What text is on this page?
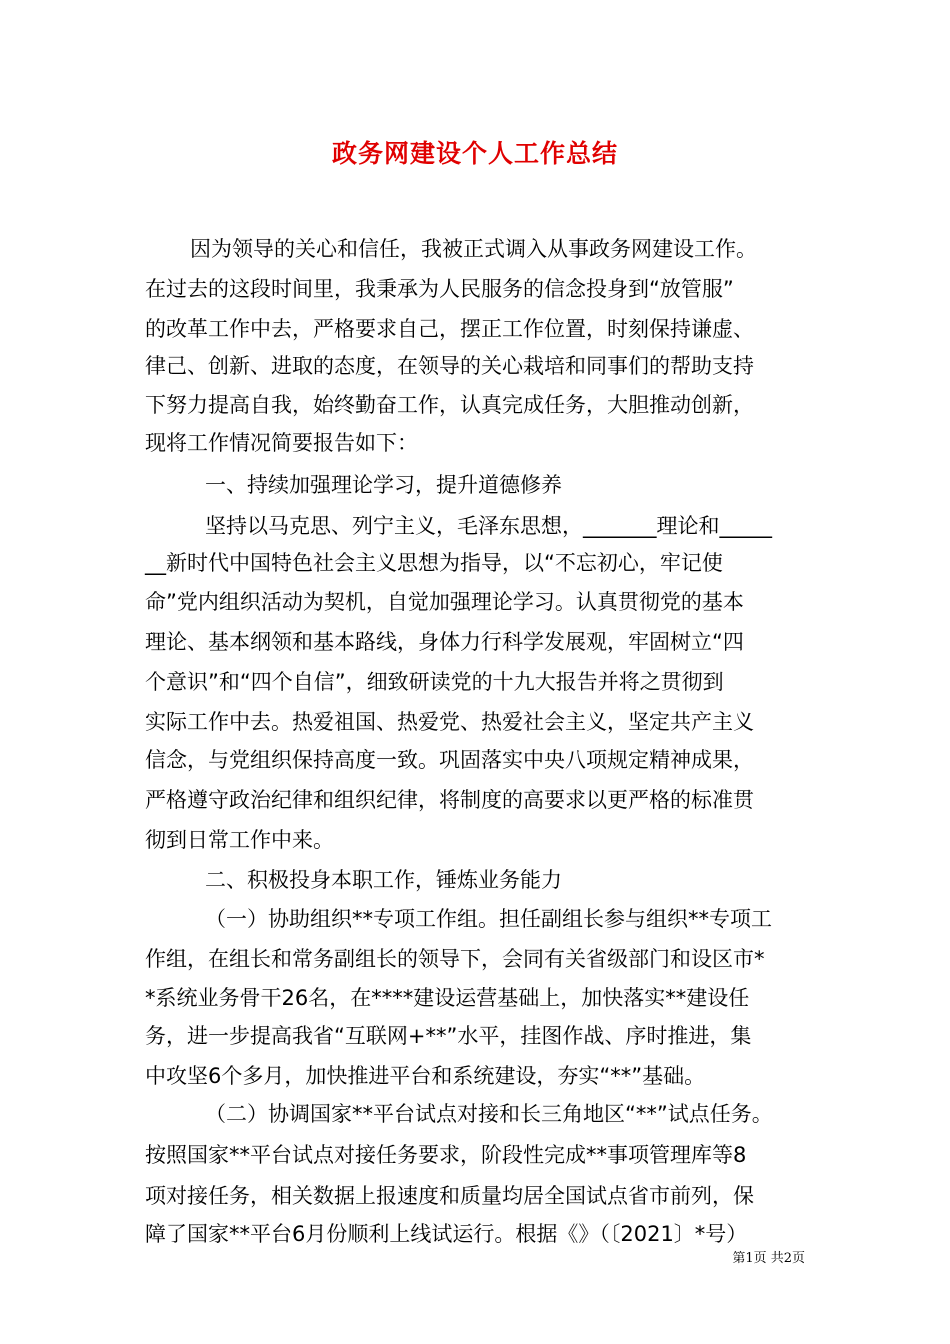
政务网建设个人工作总结
因为领导的关心和信任，我被正式调入从事政务网建设工作。
在过去的这段时间里，我秉承为人民服务的信念投身到“放管服”
的改革工作中去，严格要求自己，摆正工作位置，时刻保持谦虚、
律己、创新、进取的态度，在领导的关心栽培和同事们的帮助支持
下努力提高自我，始终勤奋工作，认真完成任务，大胆推动创新，
现将工作情况简要报告如下：
一、持续加强理论学习，提升道德修养
坚持以马克思、列宁主义，毛泽东思想，_______理论和_____
__新时代中国特色社会主义思想为指导，以“不忘初心，牢记使
命”党内组织活动为契机，自觉加强理论学习。认真贯彻党的基本
理论、基本纲领和基本路线，身体力行科学发展观，牢固树立“四
个意识”和“四个自信”，细致研读党的十九大报告并将之贯彻到
实际工作中去。热爱祖国、热爱党、热爱社会主义，坚定共产主义
信念，与党组织保持高度一致。巩固落实中央八项规定精神成果，
严格遵守政治纪律和组织纪律，将制度的高要求以更严格的标准贯
彻到日常工作中来。
二、积极投身本职工作，锤炼业务能力
（一）协助组织**专项工作组。担任副组长参与组织**专项工
作组，在组长和常务副组长的领导下，会同有关省级部门和设区市*
*系统业务骨干26名，在****建设运营基础上，加快落实**建设任
务，进一步提高我省“互联网+**”水平，挂图作战、序时推进，集
中攻坚6个多月，加快推进平台和系统建设，夯实“**”基础。
（二）协调国家**平台试点对接和长三角地区“**”试点任务。
按照国家**平台试点对接任务要求，阶段性完成**事项管理库等8
项对接任务，相关数据上报速度和质量均居全国试点省市前列，保
障了国家**平台6月份顺利上线试运行。根据《》（〔2021〕*号）
第1页 共2页
